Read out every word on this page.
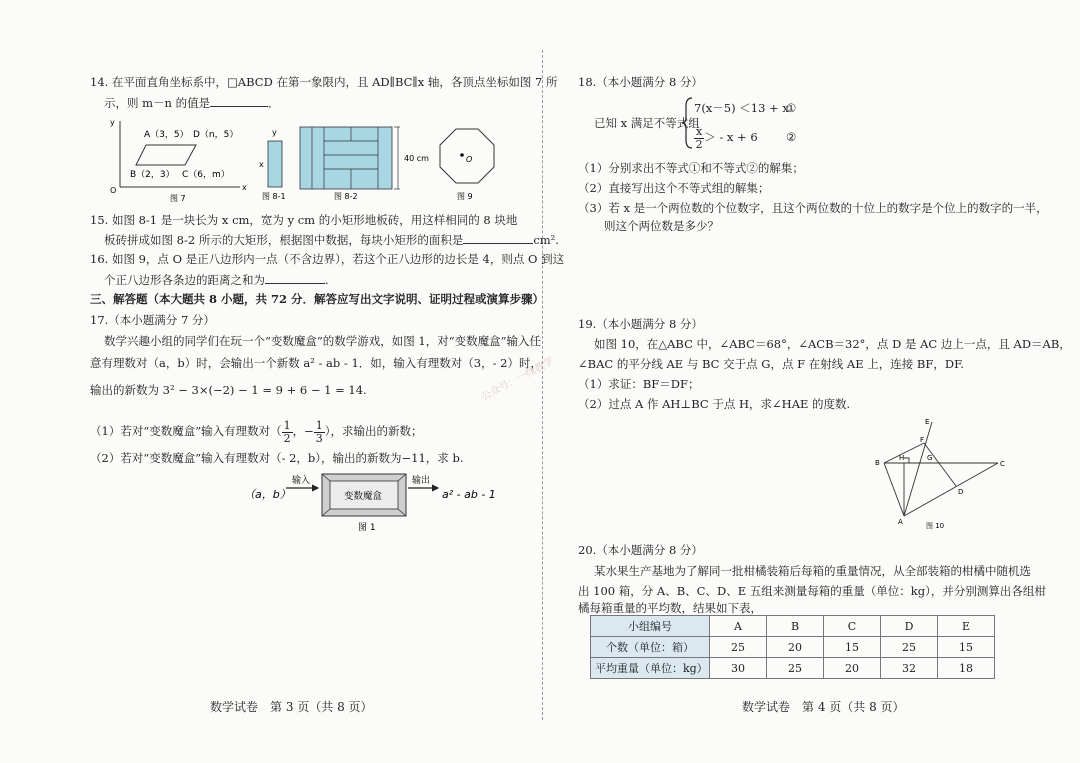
14. 在平面直角坐标系中，□ABCD 在第一象限内，且 AD∥BC∥x 轴，各顶点坐标如图 7 所
示，则 m－n 的值是	．
A（3，5） D（n，5）
B（2，3） C（6，m）
x
y
O
图 7
y
x
图 8-1
40 cm
图 8-2
O
图 9
15. 如图 8-1 是一块长为 x cm，宽为 y cm 的小矩形地板砖，用这样相同的 8 块地
板砖拼成如图 8-2 所示的大矩形，根据图中数据，每块小矩形的面积是	cm².
16. 如图 9，点 O 是正八边形内一点（不含边界），若这个正八边形的边长是 4，则点 O 到这
个正八边形各条边的距离之和为	.
三、解答题（本大题共 8 小题，共 72 分．解答应写出文字说明、证明过程或演算步骤）
17.（本小题满分 7 分）
数学兴趣小组的同学们在玩一个“变数魔盒”的数学游戏，如图 1，对“变数魔盒”输入任
意有理数对（a，b）时，会输出一个新数 a² - ab - 1．如，输入有理数对（3，- 2）时，
输出的新数为 3² − 3×(−2) − 1 = 9 + 6 − 1 = 14.
（1）若对“变数魔盒”输入有理数对（ $\frac{1}{2}$ ，− $\frac{1}{3}$ ），求输出的新数；
（2）若对“变数魔盒”输入有理数对（- 2，b），输出的新数为−11，求 b.
（a，b）
输入
变数魔盒
输出
a² - ab - 1
图 1
数学试卷　第 3 页（共 8 页）
18.（本小题满分 8 分）
已知 x 满足不等式组
7(x－5) ＜13 + x
①
$\frac{x}{2}$ ＞ - x + 6 ②
（1）分别求出不等式①和不等式②的解集；
（2）直接写出这个不等式组的解集；
（3）若 x 是一个两位数的个位数字，且这个两位数的十位上的数字是个位上的数字的一半，
则这个两位数是多少？
19.（本小题满分 8 分）
如图 10，在△ABC 中，∠ABC＝68°，∠ACB＝32°，点 D 是 AC 边上一点，且 AD＝AB，
∠BAC 的平分线 AE 与 BC 交于点 G，点 F 在射线 AE 上，连接 BF，DF.
（1）求证：BF＝DF；
（2）过点 A 作 AH⊥BC 于点 H，求∠HAE 的度数.
公众号：一线教学
E
F
B
H	G
C
D
A	图 10
20.（本小题满分 8 分）
某水果生产基地为了解同一批柑橘装箱后每箱的重量情况，从全部装箱的柑橘中随机选
出 100 箱，分 A、B、C、D、E 五组来测量每箱的重量（单位：kg），并分别测算出各组柑
橘每箱重量的平均数，结果如下表，
小组编号	A	B	C	D	E
个数（单位：箱）	25	20	15	25	15
平均重量（单位：kg）	30	25	20	32	18
数学试卷　第 4 页（共 8 页）
